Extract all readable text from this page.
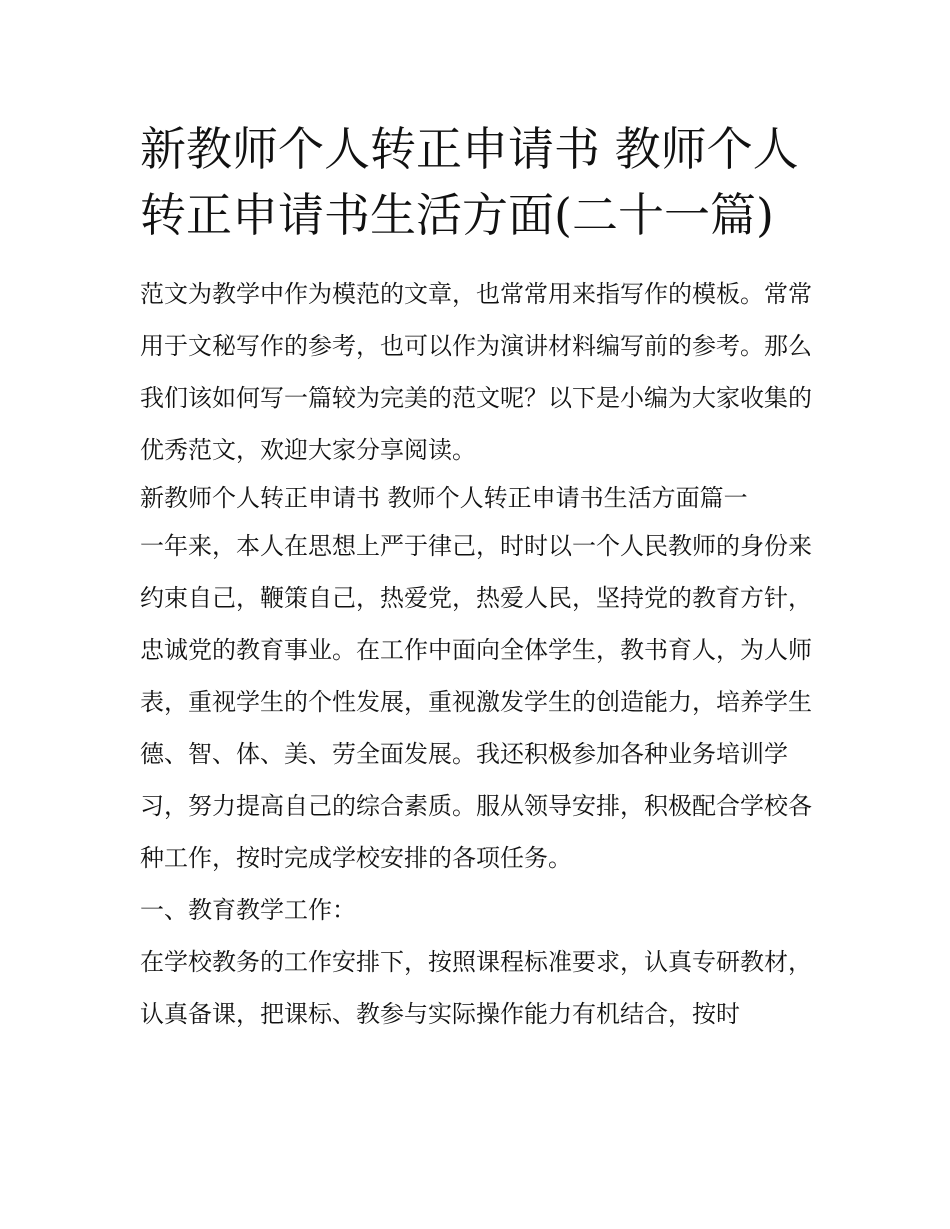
新教师个人转正申请书 教师个人转正申请书生活方面(二十一篇)

范文为教学中作为模范的文章，也常常用来指写作的模板。常常用于文秘写作的参考，也可以作为演讲材料编写前的参考。那么我们该如何写一篇较为完美的范文呢？以下是小编为大家收集的优秀范文，欢迎大家分享阅读。

新教师个人转正申请书 教师个人转正申请书生活方面篇一

一年来，本人在思想上严于律己，时时以一个人民教师的身份来约束自己，鞭策自己，热爱党，热爱人民，坚持党的教育方针，忠诚党的教育事业。在工作中面向全体学生，教书育人，为人师表，重视学生的个性发展，重视激发学生的创造能力，培养学生德、智、体、美、劳全面发展。我还积极参加各种业务培训学习，努力提高自己的综合素质。服从领导安排，积极配合学校各种工作，按时完成学校安排的各项任务。

一、教育教学工作：

在学校教务的工作安排下，按照课程标准要求，认真专研教材，认真备课，把课标、教参与实际操作能力有机结合，按时
